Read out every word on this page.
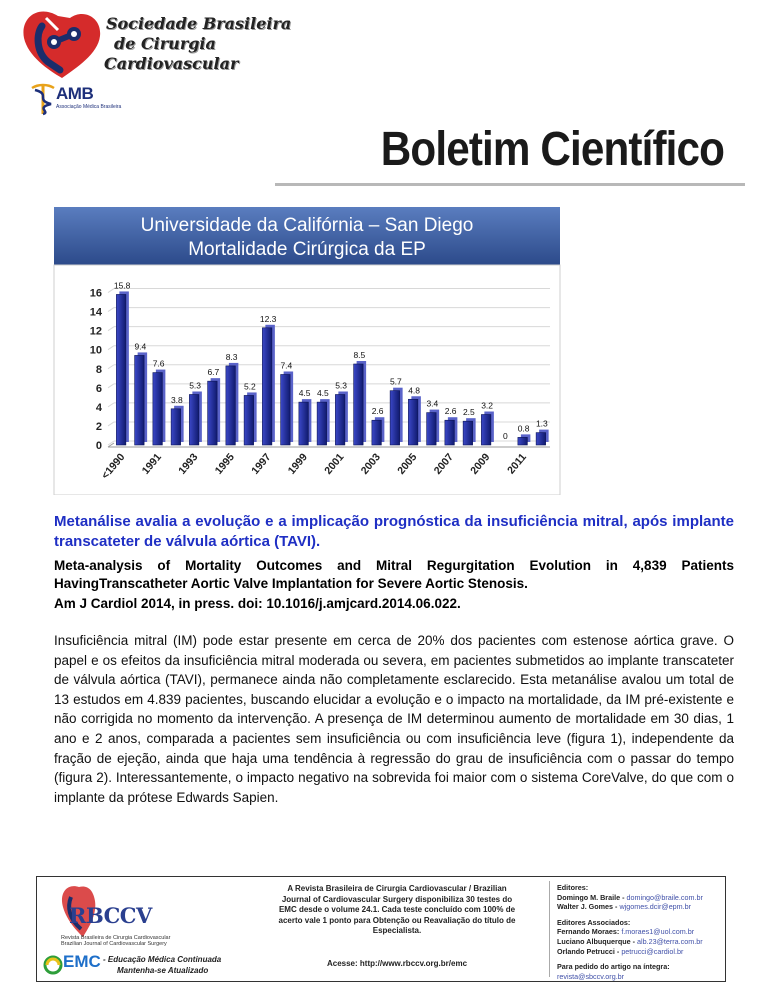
Sociedade Brasileira
de Cirurgia
Cardiovascular
AMB
Associação Médica Brasileira
Boletim Científico
Universidade da Califórnia – San Diego
Mortalidade Cirúrgica da EP
0
2
4
6
8
10
12
14
16
15.8
9.4
7.6
3.8
5.3
6.7
8.3
5.2
12.3
7.4
4.5 4.5
5.3
8.5
2.6
5.7
4.8
3.4
2.6 2.5
3.2
0
0.8 1.3
<1990 1991 1993 1995 1997 1999 2001 2003 2005 2007 2009 2011
Metanálise avalia a evolução e a implicação prognóstica da insuficiência mitral, após implante transcateter de válvula aórtica (TAVI).
Meta-analysis of Mortality Outcomes and Mitral Regurgitation Evolution in 4,839 Patients HavingTranscatheter Aortic Valve Implantation for Severe Aortic Stenosis.
Am J Cardiol 2014, in press. doi: 10.1016/j.amjcard.2014.06.022.
Insuficiência mitral (IM) pode estar presente em cerca de 20% dos pacientes com estenose aórtica grave. O papel e os efeitos da insuficiência mitral moderada ou severa, em pacientes submetidos ao implante transcateter de válvula aórtica (TAVI), permanece ainda não completamente esclarecido. Esta metanálise avalou um total de 13 estudos em 4.839 pacientes, buscando elucidar a evolução e o impacto na mortalidade, da IM pré-existente e não corrigida no momento da intervenção. A presença de IM determinou aumento de mortalidade em 30 dias, 1 ano e 2 anos, comparada a pacientes sem insuficiência ou com insuficiência leve (figura 1), independente da fração de ejeção, ainda que haja uma tendência à regressão do grau de insuficiência com o passar do tempo (figura 2). Interessantemente, o impacto negativo na sobrevida foi maior com o sistema CoreValve, do que com o implante da prótese Edwards Sapien.
RBCCV
Revista Brasileira de Cirurgia Cardiovascular
Brazilian Journal of Cardiovascular Surgery
EMC - Educação Médica Continuada
Mantenha-se Atualizado
A Revista Brasileira de Cirurgia Cardiovascular / Brazilian Journal of Cardiovascular Surgery disponibiliza 30 testes do EMC desde o volume 24.1. Cada teste concluído com 100% de acerto vale 1 ponto para Obtenção ou Reavaliação do título de Especialista.
Acesse: http://www.rbccv.org.br/emc
Editores:
Domingo M. Braile - domingo@braile.com.br
Walter J. Gomes - wjgomes.dcir@epm.br
Editores Associados:
Fernando Moraes: f.moraes1@uol.com.br
Luciano Albuquerque - alb.23@terra.com.br
Orlando Petrucci - petrucci@cardiol.br
Para pedido do artigo na íntegra:
revista@sbccv.org.br
